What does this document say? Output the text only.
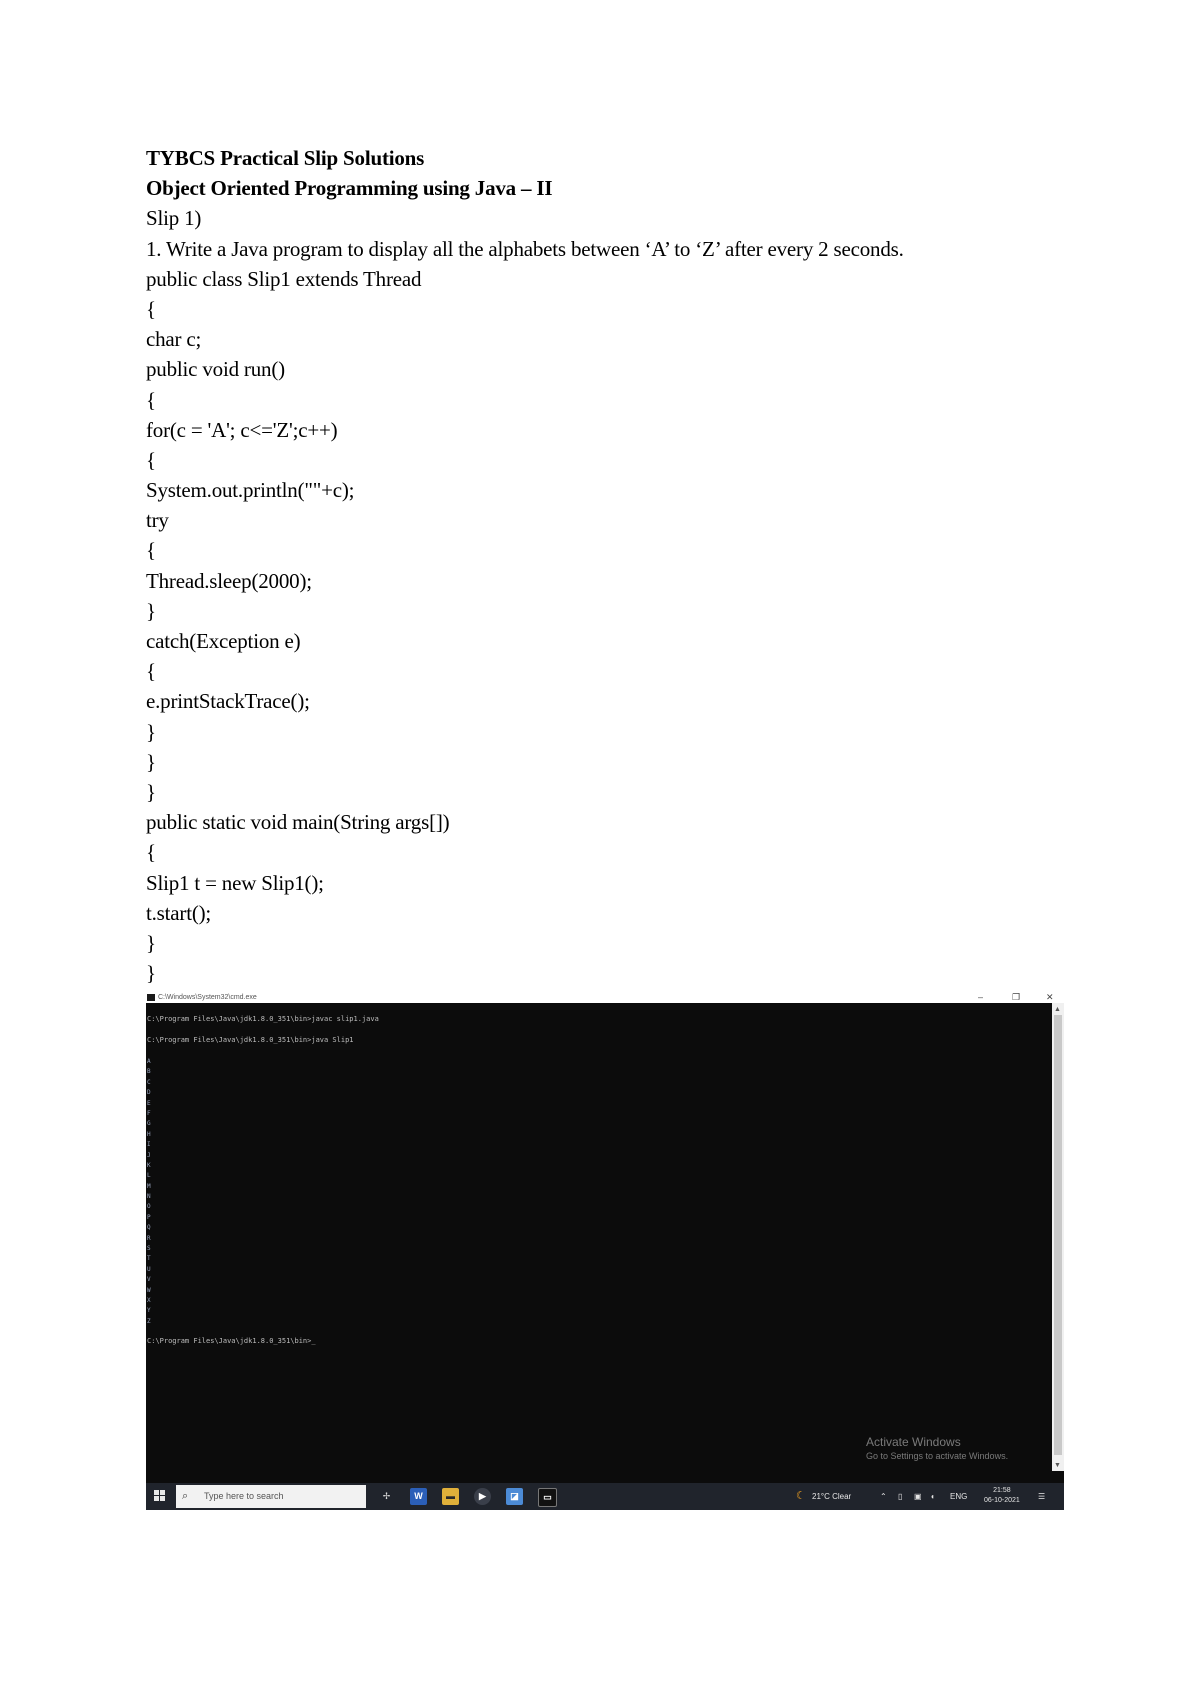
TYBCS Practical Slip Solutions
Object Oriented Programming using Java – II
Slip 1)
1. Write a Java program to display all the alphabets between ‘A’ to ‘Z’ after every 2 seconds.
public class Slip1 extends Thread
{
char c;
public void run()
{
for(c = 'A'; c<='Z';c++)
{
System.out.println(""+c);
try
{
Thread.sleep(2000);
}
catch(Exception e)
{
e.printStackTrace();
}
}
}
public static void main(String args[])
{
Slip1 t = new Slip1();
t.start();
}
}
C:\Windows\System32\cmd.exe	–	❐	✕
C:\Program Files\Java\jdk1.8.0_351\bin>javac slip1.java
C:\Program Files\Java\jdk1.8.0_351\bin>java Slip1
A
B
C
D
E
F
G
H
I
J
K
L
M
N
O
P
Q
R
S
T
U
V
W
X
Y
Z
C:\Program Files\Java\jdk1.8.0_351\bin>_
Activate Windows
Go to Settings to activate Windows.
▲
▼
⌕ Type here to search	✢	W	▬	▶	◪	▭	☾ 21°C Clear	⌃ ▯ ▣ ◖ ENG
21:58
06-10-2021 ☰
